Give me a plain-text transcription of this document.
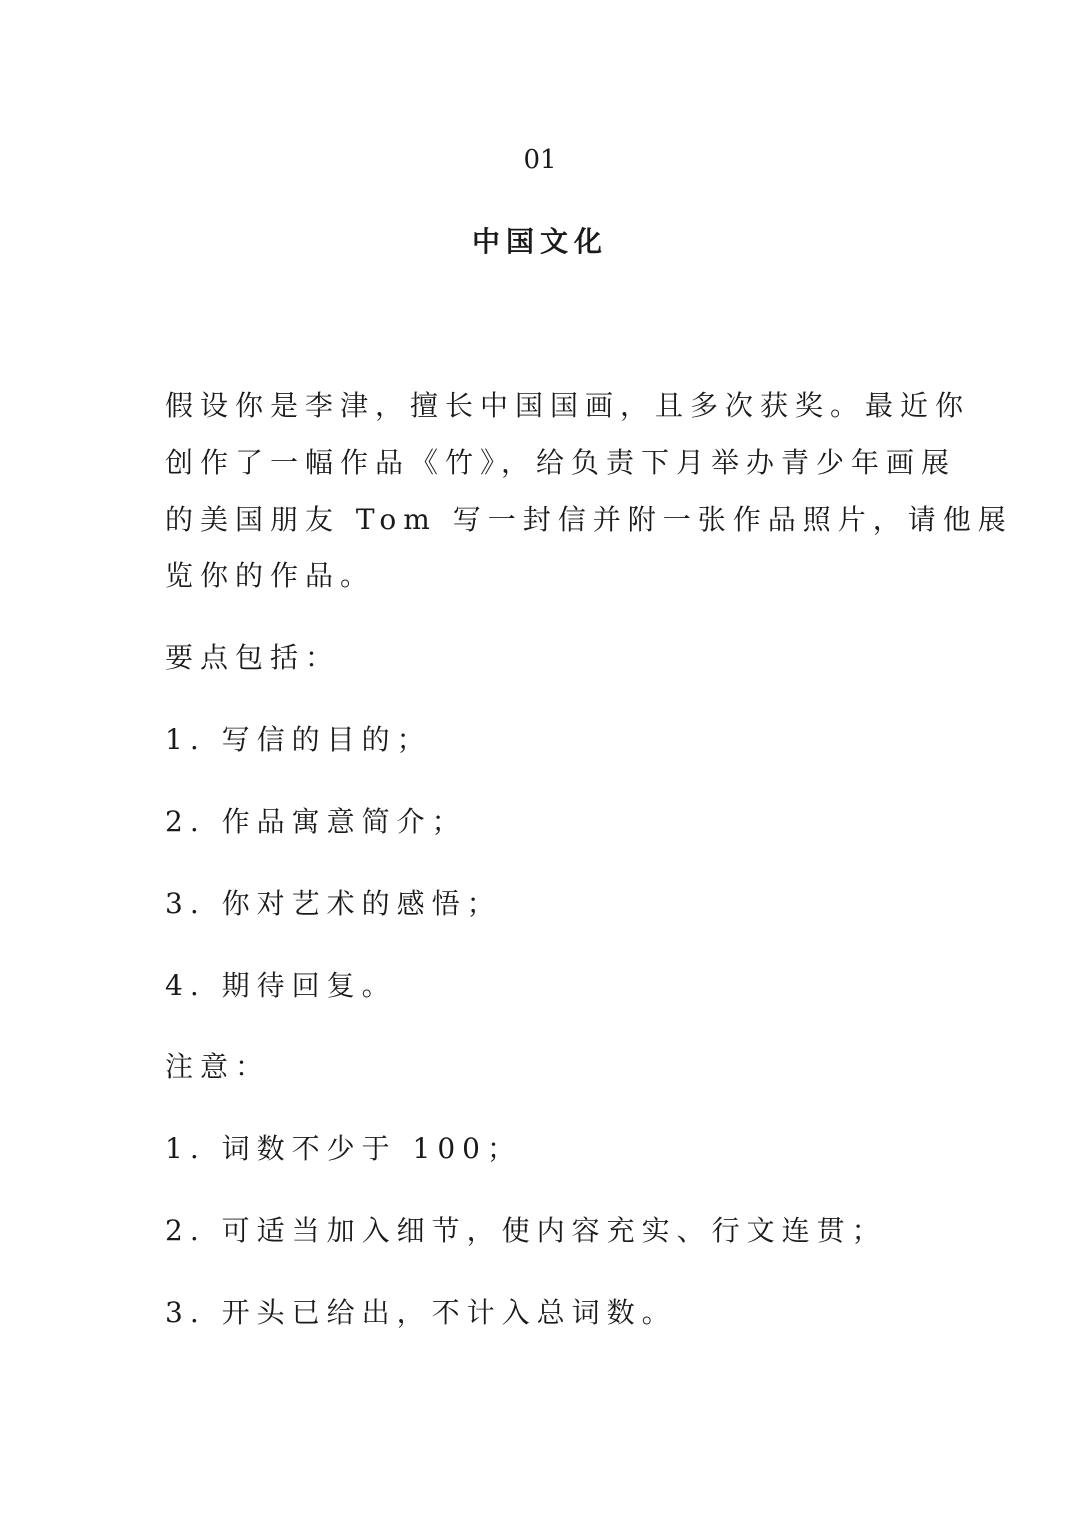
01
中国文化
假设你是李津，擅长中国国画，且多次获奖。最近你
创作了一幅作品《竹》，给负责下月举办青少年画展
的美国朋友 Tom 写一封信并附一张作品照片，请他展
览你的作品。
要点包括：
1. 写信的目的；
2. 作品寓意简介；
3. 你对艺术的感悟；
4. 期待回复。
注意：
1. 词数不少于 100；
2. 可适当加入细节，使内容充实、行文连贯；
3. 开头已给出，不计入总词数。
